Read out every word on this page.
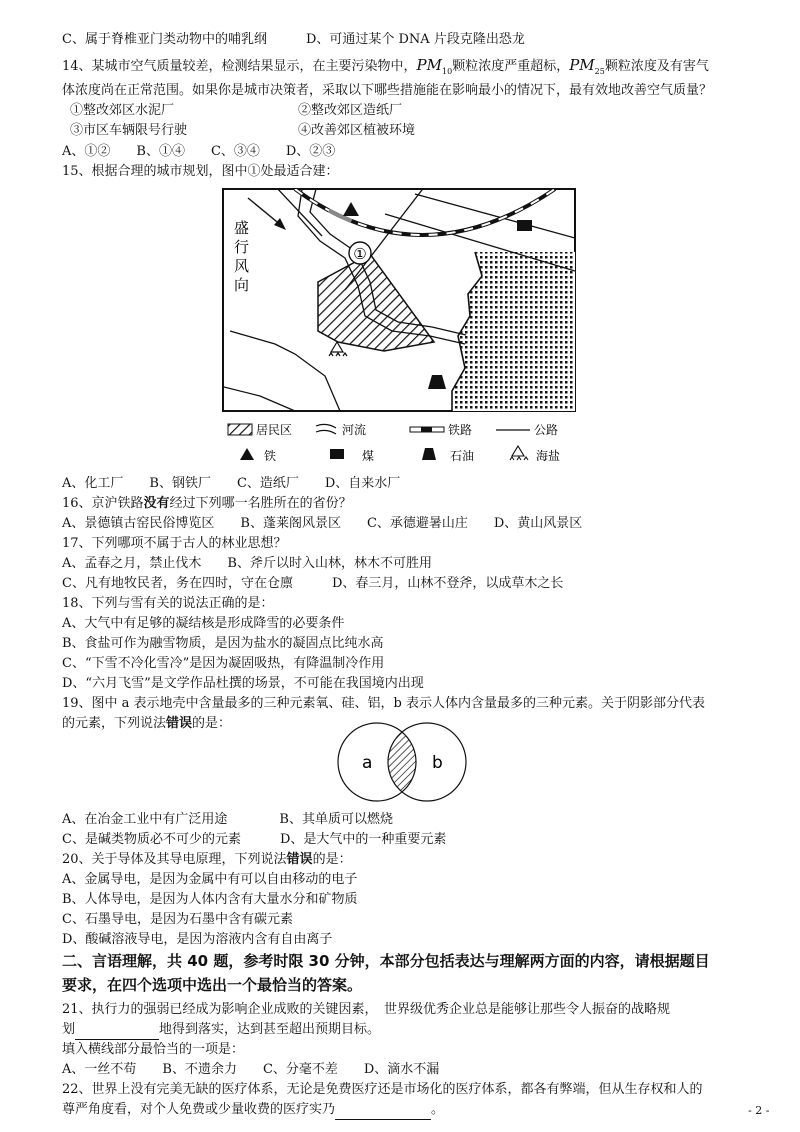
C、属于脊椎亚门类动物中的哺乳纲　　　D、可通过某个 DNA 片段克隆出恐龙
14、某城市空气质量较差，检测结果显示，在主要污染物中，$PM_{10}$颗粒浓度严重超标，$PM_{25}$颗粒浓度及有害气
体浓度尚在正常范围。如果你是城市决策者，采取以下哪些措施能在影响最小的情况下，最有效地改善空气质量？
①整改郊区水泥厂	②整改郊区造纸厂
③市区车辆限号行驶	④改善郊区植被环境
A、①②　　B、①④　　C、③④　　D、②③
15、根据合理的城市规划，图中①处最适合建：
盛
行
风
向
①
居民区	河流	铁路	公路
铁	煤	石油	海盐
A、化工厂　　B、钢铁厂　　C、造纸厂　　D、自来水厂
16、京沪铁路没有经过下列哪一名胜所在的省份？
A、景德镇古窑民俗博览区　　B、蓬莱阁风景区　　C、承德避暑山庄　　D、黄山风景区
17、下列哪项不属于古人的林业思想？
A、孟春之月，禁止伐木　　B、斧斤以时入山林，林木不可胜用
C、凡有地牧民者，务在四时，守在仓廪　　　D、春三月，山林不登斧，以成草木之长
18、下列与雪有关的说法正确的是：
A、大气中有足够的凝结核是形成降雪的必要条件
B、食盐可作为融雪物质，是因为盐水的凝固点比纯水高
C、“下雪不冷化雪冷”是因为凝固吸热，有降温制冷作用
D、“六月飞雪”是文学作品杜撰的场景，不可能在我国境内出现
19、图中 a 表示地壳中含量最多的三种元素氧、硅、铝，b 表示人体内含量最多的三种元素。关于阴影部分代表
的元素，下列说法错误的是：
a	b
A、在冶金工业中有广泛用途　　　　B、其单质可以燃烧
C、是碱类物质必不可少的元素　　　D、是大气中的一种重要元素
20、关于导体及其导电原理，下列说法错误的是：
A、金属导电，是因为金属中有可以自由移动的电子
B、人体导电，是因为人体内含有大量水分和矿物质
C、石墨导电，是因为石墨中含有碳元素
D、酸碱溶液导电，是因为溶液内含有自由离子
二、言语理解，共 40 题，参考时限 30 分钟，本部分包括表达与理解两方面的内容，请根据题目
要求，在四个选项中选出一个最恰当的答案。
21、执行力的强弱已经成为影响企业成败的关键因素，　世界级优秀企业总是能够让那些令人振奋的战略规
划	地得到落实，达到甚至超出预期目标。
填入横线部分最恰当的一项是：
A、一丝不苟　　B、不遗余力　　C、分毫不差　　D、滴水不漏
22、世界上没有完美无缺的医疗体系，无论是免费医疗还是市场化的医疗体系，都各有弊端，但从生存权和人的
尊严角度看，对个人免费或少量收费的医疗实乃	。	- 2 -
